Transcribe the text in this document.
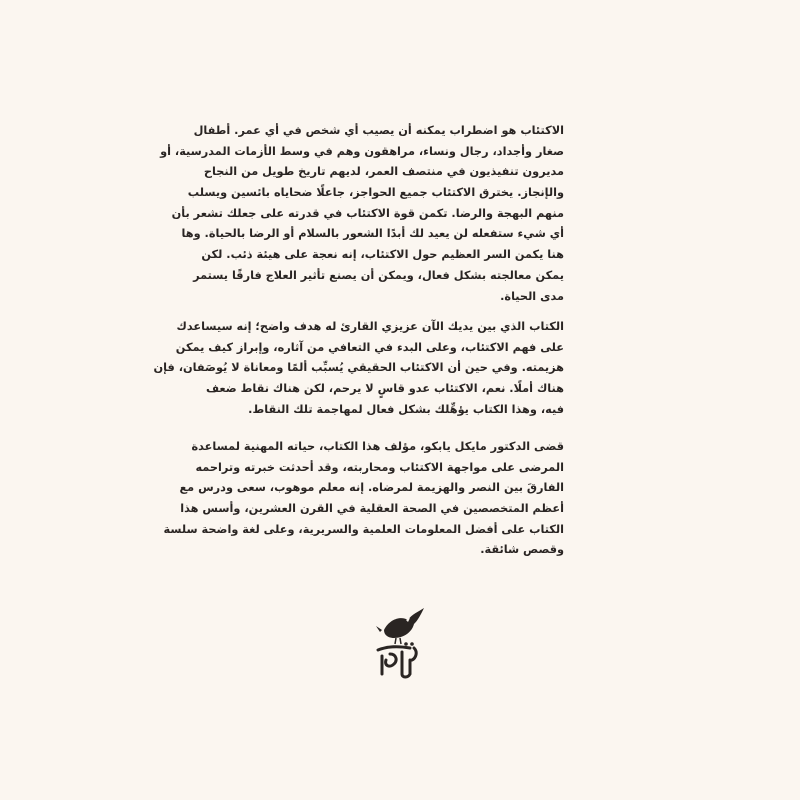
الاكتئاب هو اضطراب يمكنه أن يصيب أي شخص في أي عمر. أطفال
صغار وأجداد، رجال ونساء، مراهقون وهم في وسط الأزمات المدرسية، أو
مديرون تنفيذيون في منتصف العمر، لديهم تاريخ طويل من النجاح
والإنجاز. يخترق الاكتئاب جميع الحواجز، جاعلًا ضحاياه بائسين ويسلب
منهم البهجة والرضا. تكمن قوة الاكتئاب في قدرته على جعلك تشعر بأن
أي شيء ستفعله لن يعيد لك أبدًا الشعور بالسلام أو الرضا بالحياة. وها
هنا يكمن السر العظيم حول الاكتئاب، إنه نعجة على هيئة ذئب. لكن
يمكن معالجته بشكل فعال، ويمكن أن يصنع تأثير العلاج فارقًا يستمر
مدى الحياة.
الكتاب الذي بين يديك الآن عزيزي القارئ له هدف واضح؛ إنه سيساعدك
على فهم الاكتئاب، وعلى البدء في التعافي من آثاره، وإبراز كيف يمكن
هزيمته. وفي حين أن الاكتئاب الحقيقي يُسبِّب ألمًا ومعاناة لا يُوصَفان، فإن
هناك أملًا. نعم، الاكتئاب عدو قاسٍ لا يرحم، لكن هناك نقاط ضعف
فيه، وهذا الكتاب يؤهِّلك بشكل فعال لمهاجمة تلك النقاط.
قضى الدكتور مايكل يابكو، مؤلف هذا الكتاب، حياته المهنية لمساعدة
المرضى على مواجهة الاكتئاب ومحاربته، وقد أحدثت خبرته وتراحمه
الفارقَ بين النصر والهزيمة لمرضاه. إنه معلم موهوب، سعى ودرس مع
أعظم المتخصصين في الصحة العقلية في القرن العشرين، وأسس هذا
الكتاب على أفضل المعلومات العلمية والسريرية، وعلى لغة واضحة سلسة
وقصص شائقة.
